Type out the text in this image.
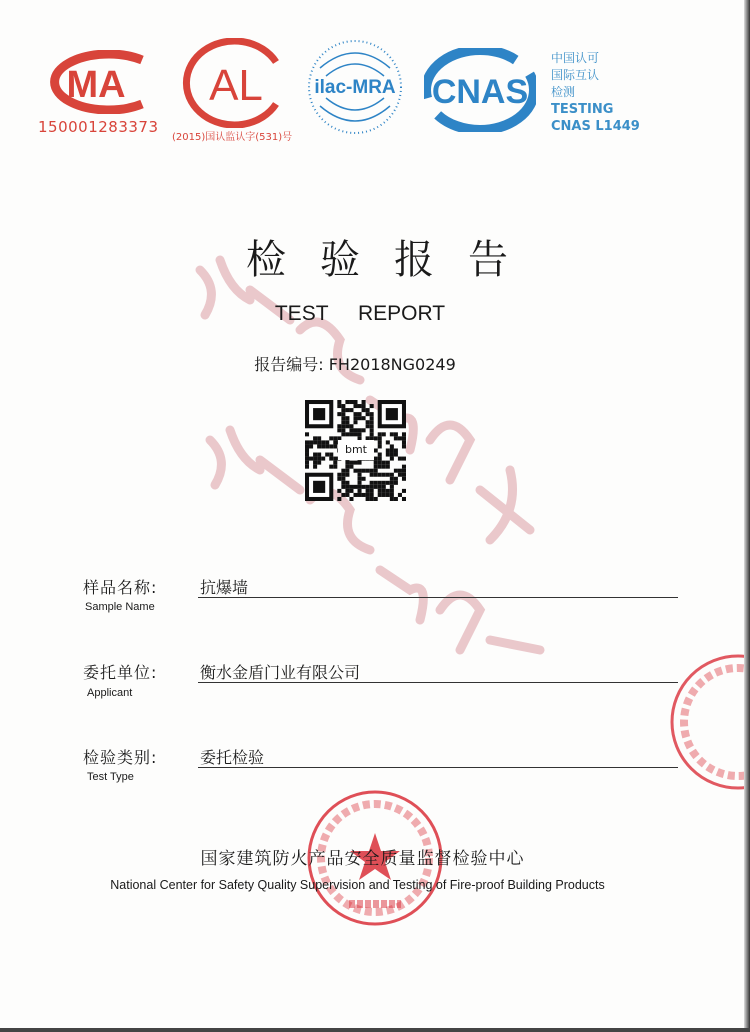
MA
150001283373
AL
(2015)国认监认字(531)号
ilac-MRA CNAS
中国认可
国际互认
检测
TESTING
CNAS L1449
检验报告
TEST REPORT
报告编号: FH2018NG0249
bmt
样品名称:
Sample Name
抗爆墙
委托单位:
Applicant
衡水金盾门业有限公司
检验类别:
Test Type
委托检验
国家建筑防火产品安全质量监督检验中心
National Center for Safety Quality Supervision and Testing of Fire-proof Building Products
